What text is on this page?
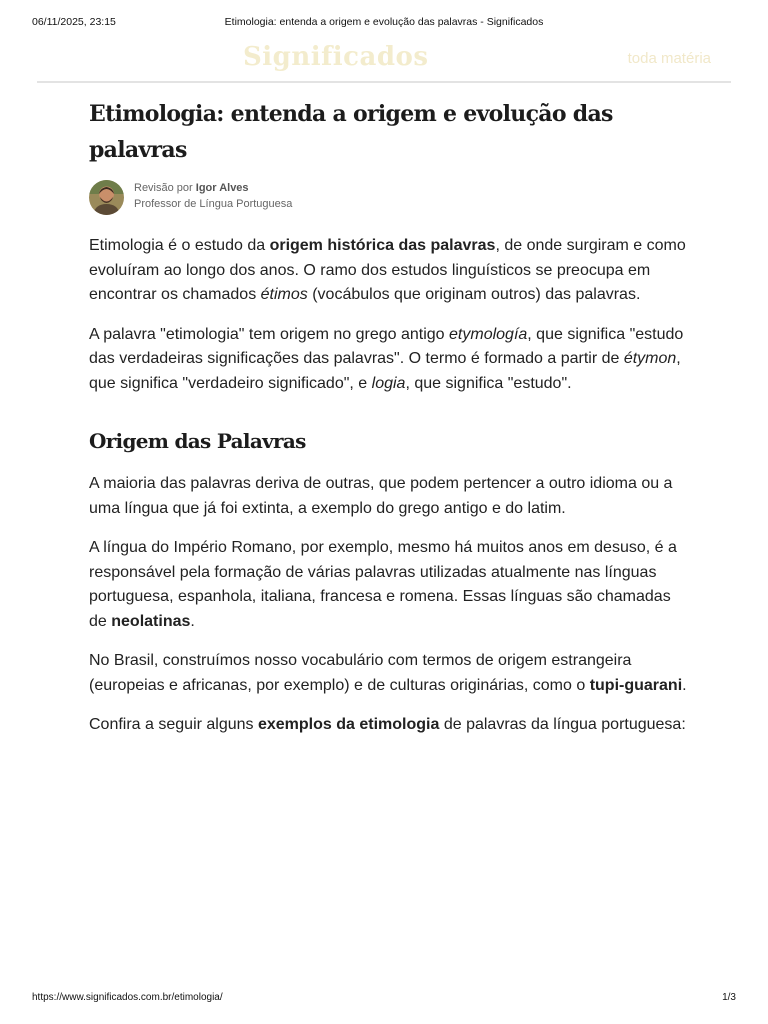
06/11/2025, 23:15	Etimologia: entenda a origem e evolução das palavras - Significados
Significados	toda matéria
Etimologia: entenda a origem e evolução das palavras
Revisão por Igor Alves
Professor de Língua Portuguesa

Etimologia é o estudo da origem histórica das palavras, de onde surgiram e como evoluíram ao longo dos anos. O ramo dos estudos linguísticos se preocupa em encontrar os chamados étimos (vocábulos que originam outros) das palavras.

A palavra "etimologia" tem origem no grego antigo etymología, que significa "estudo das verdadeiras significações das palavras". O termo é formado a partir de étymon, que significa "verdadeiro significado", e logia, que significa "estudo".

Origem das Palavras

A maioria das palavras deriva de outras, que podem pertencer a outro idioma ou a uma língua que já foi extinta, a exemplo do grego antigo e do latim.

A língua do Império Romano, por exemplo, mesmo há muitos anos em desuso, é a responsável pela formação de várias palavras utilizadas atualmente nas línguas portuguesa, espanhola, italiana, francesa e romena. Essas línguas são chamadas de neolatinas.

No Brasil, construímos nosso vocabulário com termos de origem estrangeira (europeias e africanas, por exemplo) e de culturas originárias, como o tupi-guarani.

Confira a seguir alguns exemplos da etimologia de palavras da língua portuguesa:

https://www.significados.com.br/etimologia/	1/3
